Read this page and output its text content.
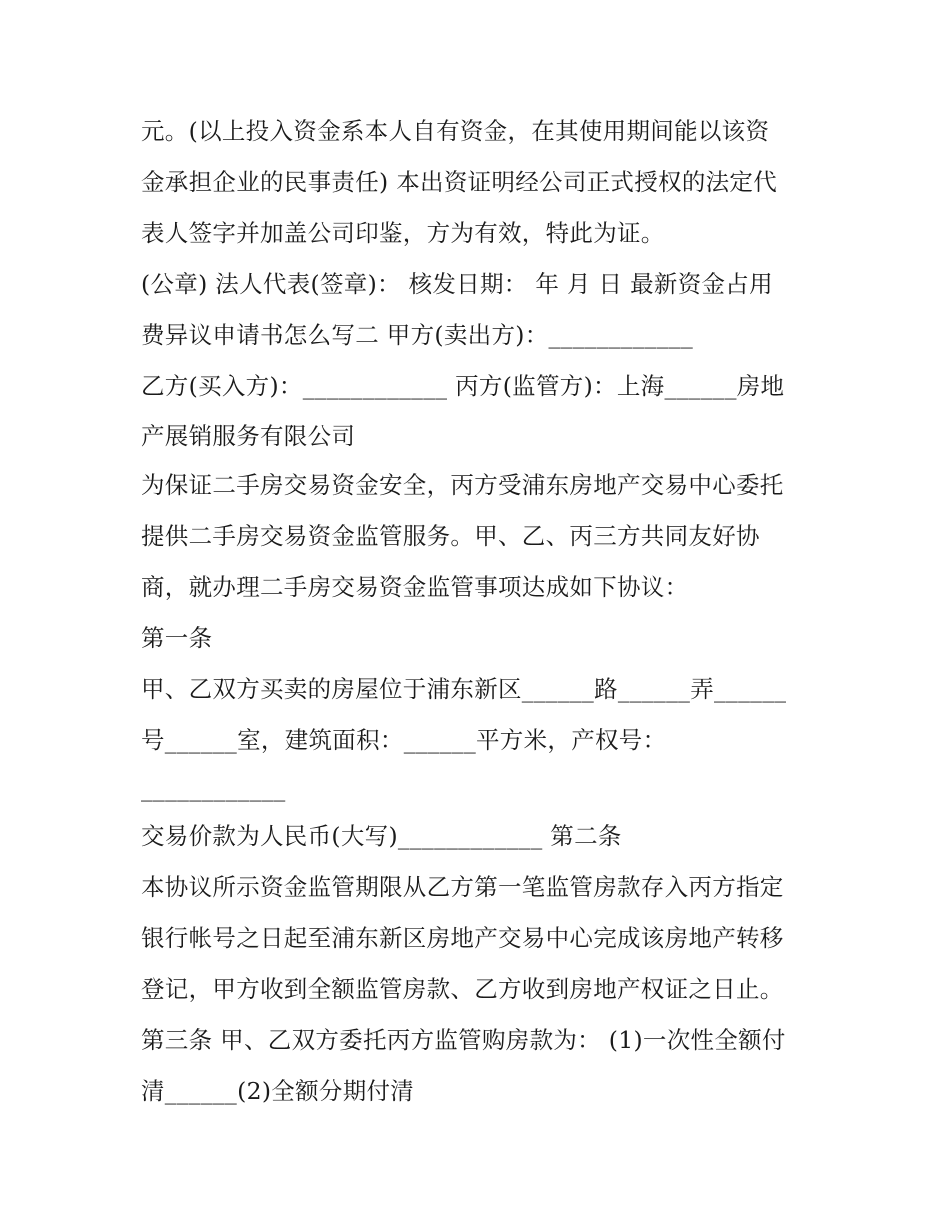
元。(以上投入资金系本人自有资金，在其使用期间能以该资
金承担企业的民事责任) 本出资证明经公司正式授权的法定代
表人签字并加盖公司印鉴，方为有效，特此为证。
(公章) 法人代表(签章)： 核发日期： 年 月 日 最新资金占用
费异议申请书怎么写二 甲方(卖出方)：____________
乙方(买入方)：____________ 丙方(监管方)：上海______房地
产展销服务有限公司
为保证二手房交易资金安全，丙方受浦东房地产交易中心委托
提供二手房交易资金监管服务。甲、乙、丙三方共同友好协
商，就办理二手房交易资金监管事项达成如下协议：
第一条
甲、乙双方买卖的房屋位于浦东新区______路______弄______
号______室，建筑面积：______平方米，产权号：
____________
交易价款为人民币(大写)____________ 第二条
本协议所示资金监管期限从乙方第一笔监管房款存入丙方指定
银行帐号之日起至浦东新区房地产交易中心完成该房地产转移
登记，甲方收到全额监管房款、乙方收到房地产权证之日止。
第三条 甲、乙双方委托丙方监管购房款为： (1)一次性全额付
清______(2)全额分期付清
